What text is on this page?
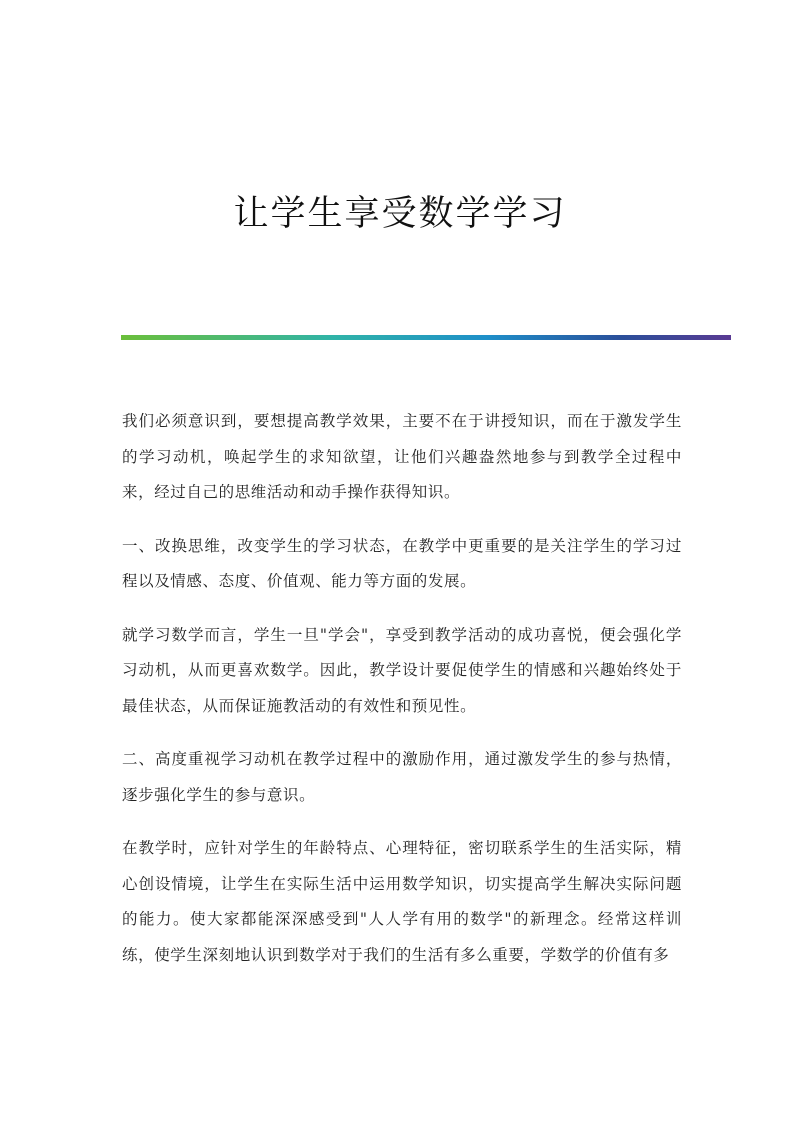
让学生享受数学学习

我们必须意识到，要想提高教学效果，主要不在于讲授知识，而在于激发学生的学习动机，唤起学生的求知欲望，让他们兴趣盎然地参与到教学全过程中来，经过自己的思维活动和动手操作获得知识。

一、改换思维，改变学生的学习状态，在教学中更重要的是关注学生的学习过程以及情感、态度、价值观、能力等方面的发展。

就学习数学而言，学生一旦"学会"，享受到教学活动的成功喜悦，便会强化学习动机，从而更喜欢数学。因此，教学设计要促使学生的情感和兴趣始终处于最佳状态，从而保证施教活动的有效性和预见性。

二、高度重视学习动机在教学过程中的激励作用，通过激发学生的参与热情，逐步强化学生的参与意识。

在教学时，应针对学生的年龄特点、心理特征，密切联系学生的生活实际，精心创设情境，让学生在实际生活中运用数学知识，切实提高学生解决实际问题的能力。使大家都能深深感受到"人人学有用的数学"的新理念。经常这样训练，使学生深刻地认识到数学对于我们的生活有多么重要，学数学的价值有多
